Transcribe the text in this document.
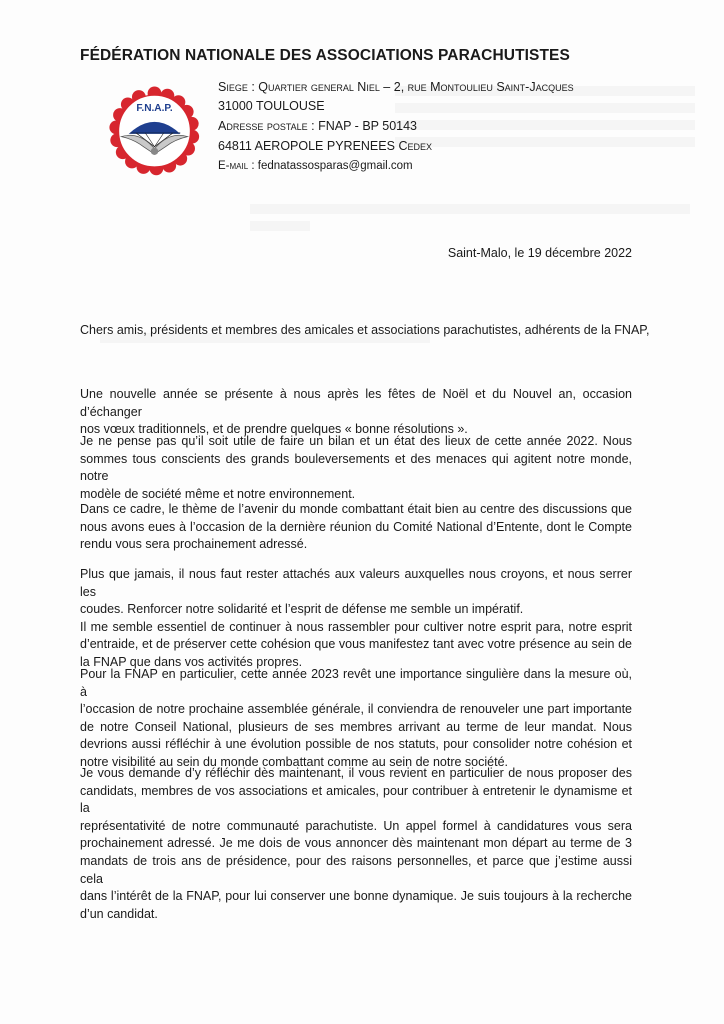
FÉDÉRATION NATIONALE DES ASSOCIATIONS PARACHUTISTES
F.N.A.P.
Siege : Quartier general Niel – 2, rue Montoulieu Saint-Jacques
31000 TOULOUSE
Adresse postale : FNAP - BP 50143
64811 AEROPOLE PYRENEES Cedex
E-mail : fednatassosparas@gmail.com
Saint-Malo, le 19 décembre 2022
Chers amis, présidents et membres des amicales et associations parachutistes, adhérents de la FNAP,
Une nouvelle année se présente à nous après les fêtes de Noël et du Nouvel an, occasion d’échanger
nos vœux traditionnels, et de prendre quelques « bonne résolutions ».
Je ne pense pas qu’il soit utile de faire un bilan et un état des lieux de cette année 2022. Nous
sommes tous conscients des grands bouleversements et des menaces qui agitent notre monde, notre
modèle de société même et notre environnement.
Dans ce cadre, le thème de l’avenir du monde combattant était bien au centre des discussions que
nous avons eues à l’occasion de la dernière réunion du Comité National d’Entente, dont le Compte
rendu vous sera prochainement adressé.
Plus que jamais, il nous faut rester attachés aux valeurs auxquelles nous croyons, et nous serrer les
coudes. Renforcer notre solidarité et l’esprit de défense me semble un impératif.
Il me semble essentiel de continuer à nous rassembler pour cultiver notre esprit para, notre esprit
d’entraide, et de préserver cette cohésion que vous manifestez tant avec votre présence au sein de
la FNAP que dans vos activités propres.
Pour la FNAP en particulier, cette année 2023 revêt une importance singulière dans la mesure où, à
l’occasion de notre prochaine assemblée générale, il conviendra de renouveler une part importante
de notre Conseil National, plusieurs de ses membres arrivant au terme de leur mandat. Nous
devrions aussi réfléchir à une évolution possible de nos statuts, pour consolider notre cohésion et
notre visibilité au sein du monde combattant comme au sein de notre société.
Je vous demande d’y réfléchir dès maintenant, il vous revient en particulier de nous proposer des
candidats, membres de vos associations et amicales, pour contribuer à entretenir le dynamisme et la
représentativité de notre communauté parachutiste. Un appel formel à candidatures vous sera
prochainement adressé. Je me dois de vous annoncer dès maintenant mon départ au terme de 3
mandats de trois ans de présidence, pour des raisons personnelles, et parce que j’estime aussi cela
dans l’intérêt de la FNAP, pour lui conserver une bonne dynamique. Je suis toujours à la recherche
d’un candidat.
